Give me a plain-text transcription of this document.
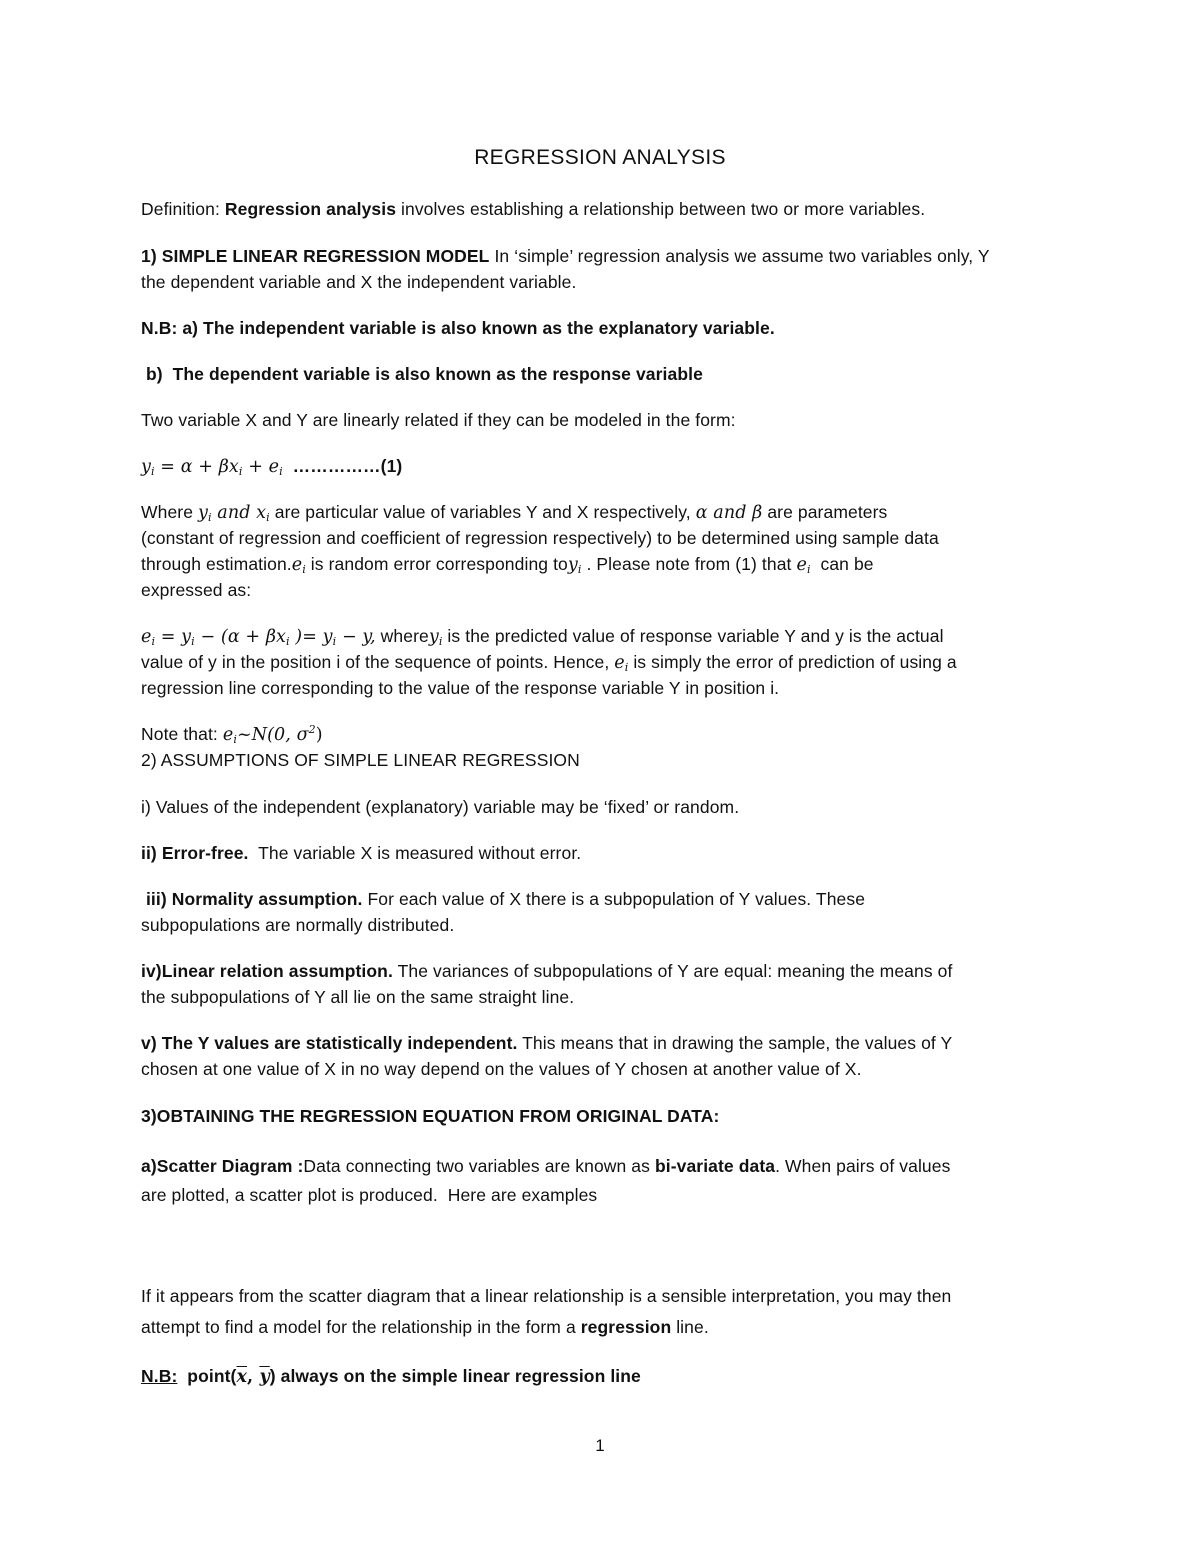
REGRESSION ANALYSIS
Definition: Regression analysis involves establishing a relationship between two or more variables.
1) SIMPLE LINEAR REGRESSION MODEL In ‘simple’ regression analysis we assume two variables only, Y
the dependent variable and X the independent variable.
N.B: a) The independent variable is also known as the explanatory variable.
b)  The dependent variable is also known as the response variable
Two variable X and Y are linearly related if they can be modeled in the form:
$y_i = \alpha + \beta x_i + e_i$  ……………(1)
Where $y_i$ and $x_i$ are particular value of variables Y and X respectively, α and β are parameters
(constant of regression and coefficient of regression respectively) to be determined using sample data
through $estimation.e_i$ is random error corresponding toy$_i$ . Please note from (1) that $e_i$  can be
expressed as:
$e_i = y_i - (\alpha + \beta x_i$ )= $y_i - y$, wherey$_i$ is the predicted value of response variable Y and y is the actual
value of y in the position i of the sequence of points. Hence, $e_i$ is simply the error of prediction of using a
regression line corresponding to the value of the response variable Y in position i.
Note that: $e_i\sim N(0$, $\sigma^2$)
2) ASSUMPTIONS OF SIMPLE LINEAR REGRESSION
i) Values of the independent (explanatory) variable may be ‘fixed’ or random.
ii) Error-free.  The variable X is measured without error.
iii) Normality assumption. For each value of X there is a subpopulation of Y values. These
subpopulations are normally distributed.
iv)Linear relation assumption. The variances of subpopulations of Y are equal: meaning the means of
the subpopulations of Y all lie on the same straight line.
v) The Y values are statistically independent. This means that in drawing the sample, the values of Y
chosen at one value of X in no way depend on the values of Y chosen at another value of X.
3)OBTAINING THE REGRESSION EQUATION FROM ORIGINAL DATA:
a)Scatter Diagram :Data connecting two variables are known as bi-variate data. When pairs of values
are plotted, a scatter plot is produced.  Here are examples
If it appears from the scatter diagram that a linear relationship is a sensible interpretation, you may then
attempt to find a model for the relationship in the form a regression line.
N.B:  $point(\overline{x}$, $\overline{y}$) always on the simple linear regression line
1
